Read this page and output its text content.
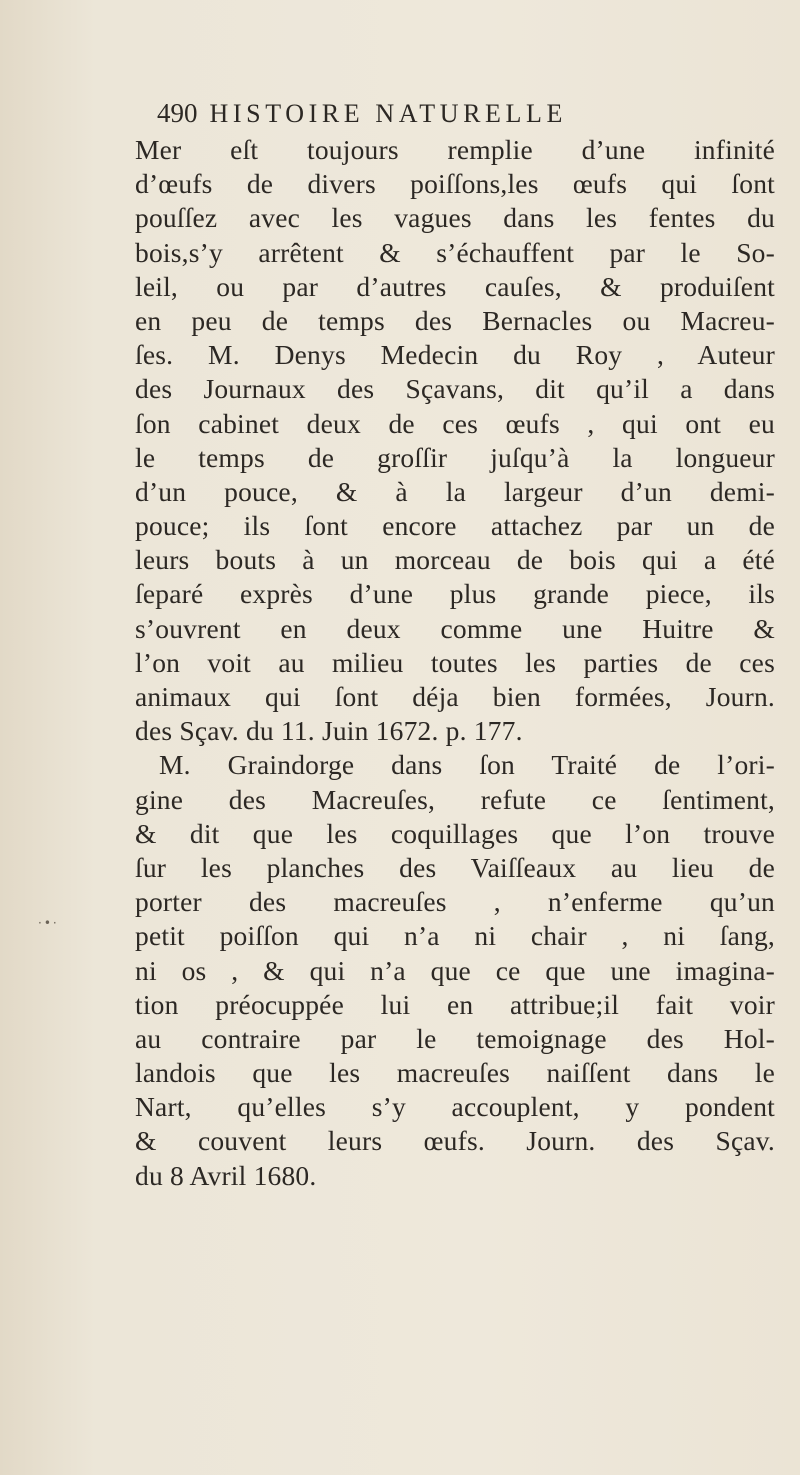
490 HISTOIRE NATURELLE
·•·
Mer eſt toujours remplie d’une infinité
d’œufs de divers poiſſons,les œufs qui ſont
pouſſez avec les vagues dans les fentes du
bois,s’y arrêtent & s’échauffent par le So-
leil, ou par d’autres cauſes, & produiſent
en peu de temps des Bernacles ou Macreu-
ſes. M. Denys Medecin du Roy , Auteur
des Journaux des Sçavans, dit qu’il a dans
ſon cabinet deux de ces œufs , qui ont eu
le temps de groſſir juſqu’à la longueur
d’un pouce, & à la largeur d’un demi-
pouce; ils ſont encore attachez par un de
leurs bouts à un morceau de bois qui a été
ſeparé exprès d’une plus grande piece, ils
s’ouvrent en deux comme une Huitre &
l’on voit au milieu toutes les parties de ces
animaux qui ſont déja bien formées, Journ.
des Sçav. du 11. Juin 1672. p. 177.
M. Graindorge dans ſon Traité de l’ori-
gine des Macreuſes, refute ce ſentiment,
& dit que les coquillages que l’on trouve
ſur les planches des Vaiſſeaux au lieu de
porter des macreuſes , n’enferme qu’un
petit poiſſon qui n’a ni chair , ni ſang,
ni os , & qui n’a que ce que une imagina-
tion préocuppée lui en attribue;il fait voir
au contraire par le temoignage des Hol-
landois que les macreuſes naiſſent dans le
Nart, qu’elles s’y accouplent, y pondent
& couvent leurs œufs. Journ. des Sçav.
du 8 Avril 1680.
